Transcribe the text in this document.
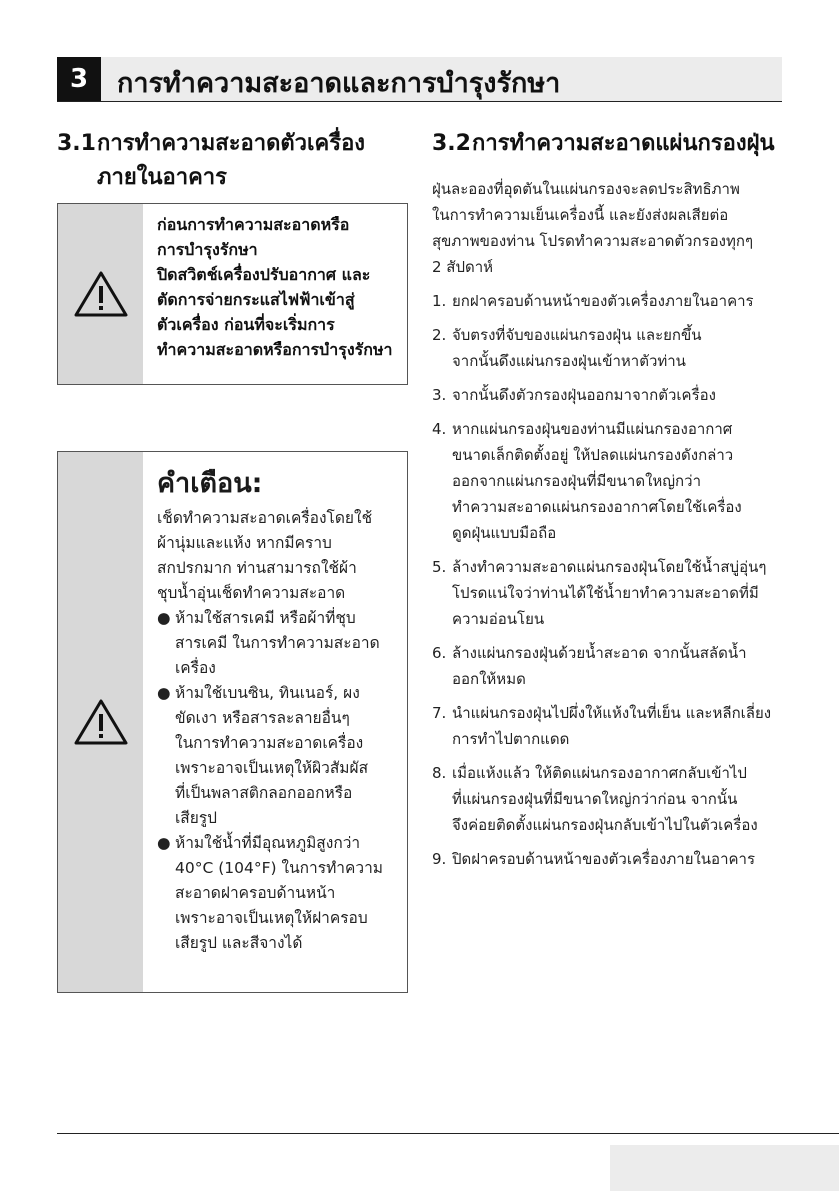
3	การทำความสะอาดและการบำรุงรักษา
3.1การทำความสะอาดตัวเครื่อง
ภายในอาคาร
ก่อนการทำความสะอาดหรือ
การบำรุงรักษา
ปิดสวิตช์เครื่องปรับอากาศ และ
ตัดการจ่ายกระแสไฟฟ้าเข้าสู่
ตัวเครื่อง ก่อนที่จะเริ่มการ
ทำความสะอาดหรือการบำรุงรักษา
คำเตือน:
เช็ดทำความสะอาดเครื่องโดยใช้
ผ้านุ่มและแห้ง หากมีคราบ
สกปรกมาก ท่านสามารถใช้ผ้า
ชุบน้ำอุ่นเช็ดทำความสะอาด
● ห้ามใช้สารเคมี หรือผ้าที่ชุบ
สารเคมี ในการทำความสะอาด
เครื่อง
● ห้ามใช้เบนซิน, ทินเนอร์, ผง
ขัดเงา หรือสารละลายอื่นๆ
ในการทำความสะอาดเครื่อง
เพราะอาจเป็นเหตุให้ผิวสัมผัส
ที่เป็นพลาสติกลอกออกหรือ
เสียรูป
● ห้ามใช้น้ำที่มีอุณหภูมิสูงกว่า
40°C (104°F) ในการทำความ
สะอาดฝาครอบด้านหน้า
เพราะอาจเป็นเหตุให้ฝาครอบ
เสียรูป และสีจางได้
3.2การทำความสะอาดแผ่นกรองฝุ่น

ฝุ่นละอองที่อุดตันในแผ่นกรองจะลดประสิทธิภาพ

ในการทำความเย็นเครื่องนี้ และยังส่งผลเสียต่อ

สุขภาพของท่าน โปรดทำความสะอาดตัวกรองทุกๆ

2 สัปดาห์

1. ยกฝาครอบด้านหน้าของตัวเครื่องภายในอาคาร

2. จับตรงที่จับของแผ่นกรองฝุ่น และยกขึ้น

จากนั้นดึงแผ่นกรองฝุ่นเข้าหาตัวท่าน

3. จากนั้นดึงตัวกรองฝุ่นออกมาจากตัวเครื่อง

4. หากแผ่นกรองฝุ่นของท่านมีแผ่นกรองอากาศ

ขนาดเล็กติดตั้งอยู่ ให้ปลดแผ่นกรองดังกล่าว

ออกจากแผ่นกรองฝุ่นที่มีขนาดใหญ่กว่า

ทำความสะอาดแผ่นกรองอากาศโดยใช้เครื่อง

ดูดฝุ่นแบบมือถือ

5. ล้างทำความสะอาดแผ่นกรองฝุ่นโดยใช้น้ำสบู่อุ่นๆ

โปรดแน่ใจว่าท่านได้ใช้น้ำยาทำความสะอาดที่มี

ความอ่อนโยน

6. ล้างแผ่นกรองฝุ่นด้วยน้ำสะอาด จากนั้นสลัดน้ำ

ออกให้หมด

7. นำแผ่นกรองฝุ่นไปผึ่งให้แห้งในที่เย็น และหลีกเลี่ยง

การทำไปตากแดด

8. เมื่อแห้งแล้ว ให้ติดแผ่นกรองอากาศกลับเข้าไป

ที่แผ่นกรองฝุ่นที่มีขนาดใหญ่กว่าก่อน จากนั้น

จึงค่อยติดตั้งแผ่นกรองฝุ่นกลับเข้าไปในตัวเครื่อง

9. ปิดฝาครอบด้านหน้าของตัวเครื่องภายในอาคาร
